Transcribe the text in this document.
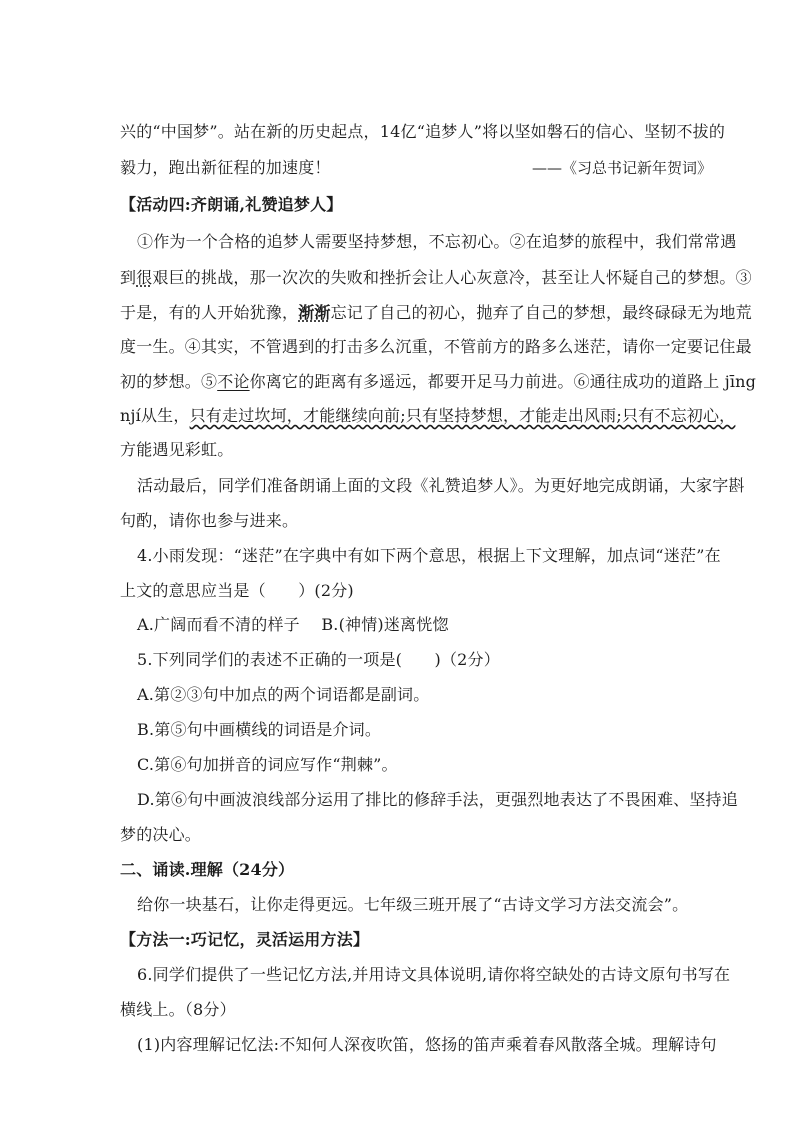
兴的“中国梦”。站在新的历史起点，14亿“追梦人”将以坚如磐石的信心、坚韧不拔的
毅力，跑出新征程的加速度！	——《习总书记新年贺词》
【活动四:齐朗诵,礼赞追梦人】
①作为一个合格的追梦人需要坚持梦想，不忘初心。②在追梦的旅程中，我们常常遇
到很艰巨的挑战，那一次次的失败和挫折会让人心灰意冷，甚至让人怀疑自己的梦想。③
于是，有的人开始犹豫，渐渐忘记了自己的初心，抛弃了自己的梦想，最终碌碌无为地荒
度一生。④其实，不管遇到的打击多么沉重，不管前方的路多么迷茫，请你一定要记住最
初的梦想。⑤不论你离它的距离有多遥远，都要开足马力前进。⑥通往成功的道路上 jīng
njí从生，只有走过坎坷，才能继续向前;只有坚持梦想，才能走出风雨;只有不忘初心，
方能遇见彩虹。
活动最后，同学们准备朗诵上面的文段《礼赞追梦人》。为更好地完成朗诵，大家字斟
句酌，请你也参与进来。
4.小雨发现：“迷茫”在字典中有如下两个意思，根据上下文理解，加点词“迷茫”在
上文的意思应当是（　　）(2分)
A.广阔而看不清的样子　 B.(神情)迷离恍惚
5.下列同学们的表述不正确的一项是(　　)（2分）
A.第②③句中加点的两个词语都是副词。
B.第⑤句中画横线的词语是介词。
C.第⑥句加拼音的词应写作“荆棘”。
D.第⑥句中画波浪线部分运用了排比的修辞手法，更强烈地表达了不畏困难、坚持追
梦的决心。
二、诵读.理解（24分）
给你一块基石，让你走得更远。七年级三班开展了“古诗文学习方法交流会”。
【方法一:巧记忆，灵活运用方法】
6.同学们提供了一些记忆方法,并用诗文具体说明,请你将空缺处的古诗文原句书写在
横线上。（8分）
(1)内容理解记忆法:不知何人深夜吹笛，悠扬的笛声乘着春风散落全城。理解诗句
